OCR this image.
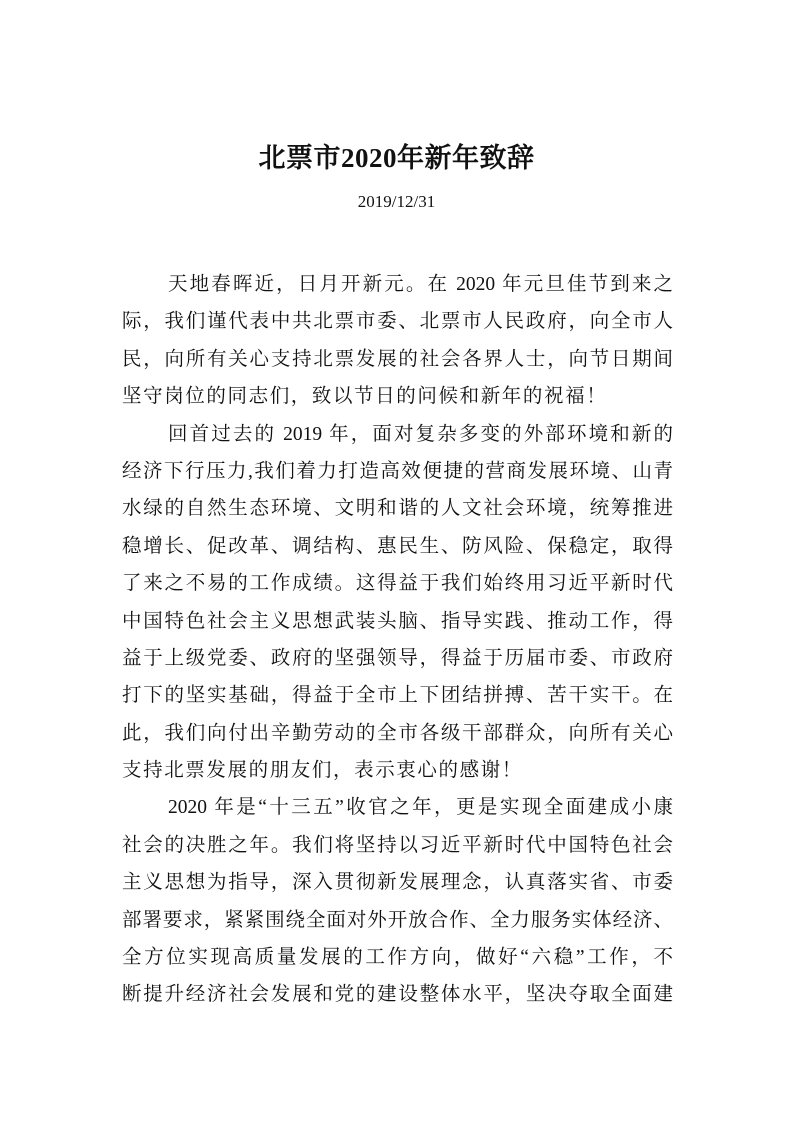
北票市2020年新年致辞
2019/12/31
天地春晖近，日月开新元。在 2020 年元旦佳节到来之
际，我们谨代表中共北票市委、北票市人民政府，向全市人
民，向所有关心支持北票发展的社会各界人士，向节日期间
坚守岗位的同志们，致以节日的问候和新年的祝福！
回首过去的 2019 年，面对复杂多变的外部环境和新的
经济下行压力,我们着力打造高效便捷的营商发展环境、山青
水绿的自然生态环境、文明和谐的人文社会环境，统筹推进
稳增长、促改革、调结构、惠民生、防风险、保稳定，取得
了来之不易的工作成绩。这得益于我们始终用习近平新时代
中国特色社会主义思想武装头脑、指导实践、推动工作，得
益于上级党委、政府的坚强领导，得益于历届市委、市政府
打下的坚实基础，得益于全市上下团结拼搏、苦干实干。在
此，我们向付出辛勤劳动的全市各级干部群众，向所有关心
支持北票发展的朋友们，表示衷心的感谢！
2020 年是“十三五”收官之年，更是实现全面建成小康
社会的决胜之年。我们将坚持以习近平新时代中国特色社会
主义思想为指导，深入贯彻新发展理念，认真落实省、市委
部署要求，紧紧围绕全面对外开放合作、全力服务实体经济、
全方位实现高质量发展的工作方向，做好“六稳”工作，不
断提升经济社会发展和党的建设整体水平，坚决夺取全面建
